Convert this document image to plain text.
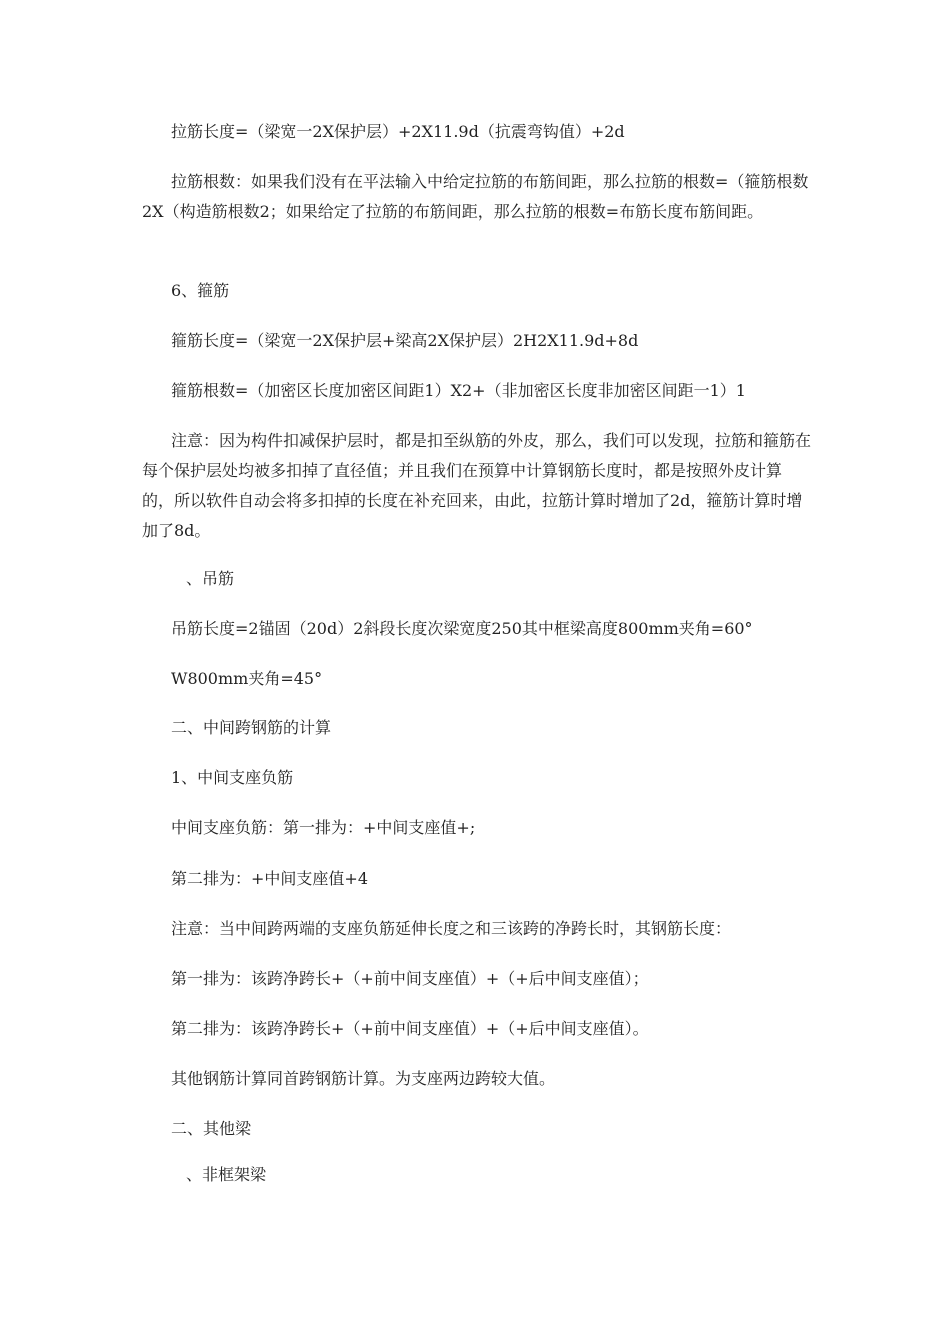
拉筋长度=（梁宽一2X保护层）+2X11.9d（抗震弯钩值）+2d

拉筋根数：如果我们没有在平法输入中给定拉筋的布筋间距，那么拉筋的根数=（箍筋根数2X（构造筋根数2；如果给定了拉筋的布筋间距，那么拉筋的根数=布筋长度布筋间距。

6、箍筋

箍筋长度=（梁宽一2X保护层+梁高2X保护层）2H2X11.9d+8d

箍筋根数=（加密区长度加密区间距1）X2+（非加密区长度非加密区间距一1）1

注意：因为构件扣减保护层时，都是扣至纵筋的外皮，那么，我们可以发现，拉筋和箍筋在每个保护层处均被多扣掉了直径值；并且我们在预算中计算钢筋长度时，都是按照外皮计算的，所以软件自动会将多扣掉的长度在补充回来，由此，拉筋计算时增加了2d，箍筋计算时增加了8d。

、吊筋

吊筋长度=2锚固（20d）2斜段长度次梁宽度250其中框梁高度800mm夹角=60°

W800mm夹角=45°

二、中间跨钢筋的计算

1、中间支座负筋

中间支座负筋：第一排为：+中间支座值+;

第二排为：+中间支座值+4

注意：当中间跨两端的支座负筋延伸长度之和三该跨的净跨长时，其钢筋长度：

第一排为：该跨净跨长+（+前中间支座值）+（+后中间支座值）；

第二排为：该跨净跨长+（+前中间支座值）+（+后中间支座值）。

其他钢筋计算同首跨钢筋计算。为支座两边跨较大值。

二、其他梁

、非框架梁
